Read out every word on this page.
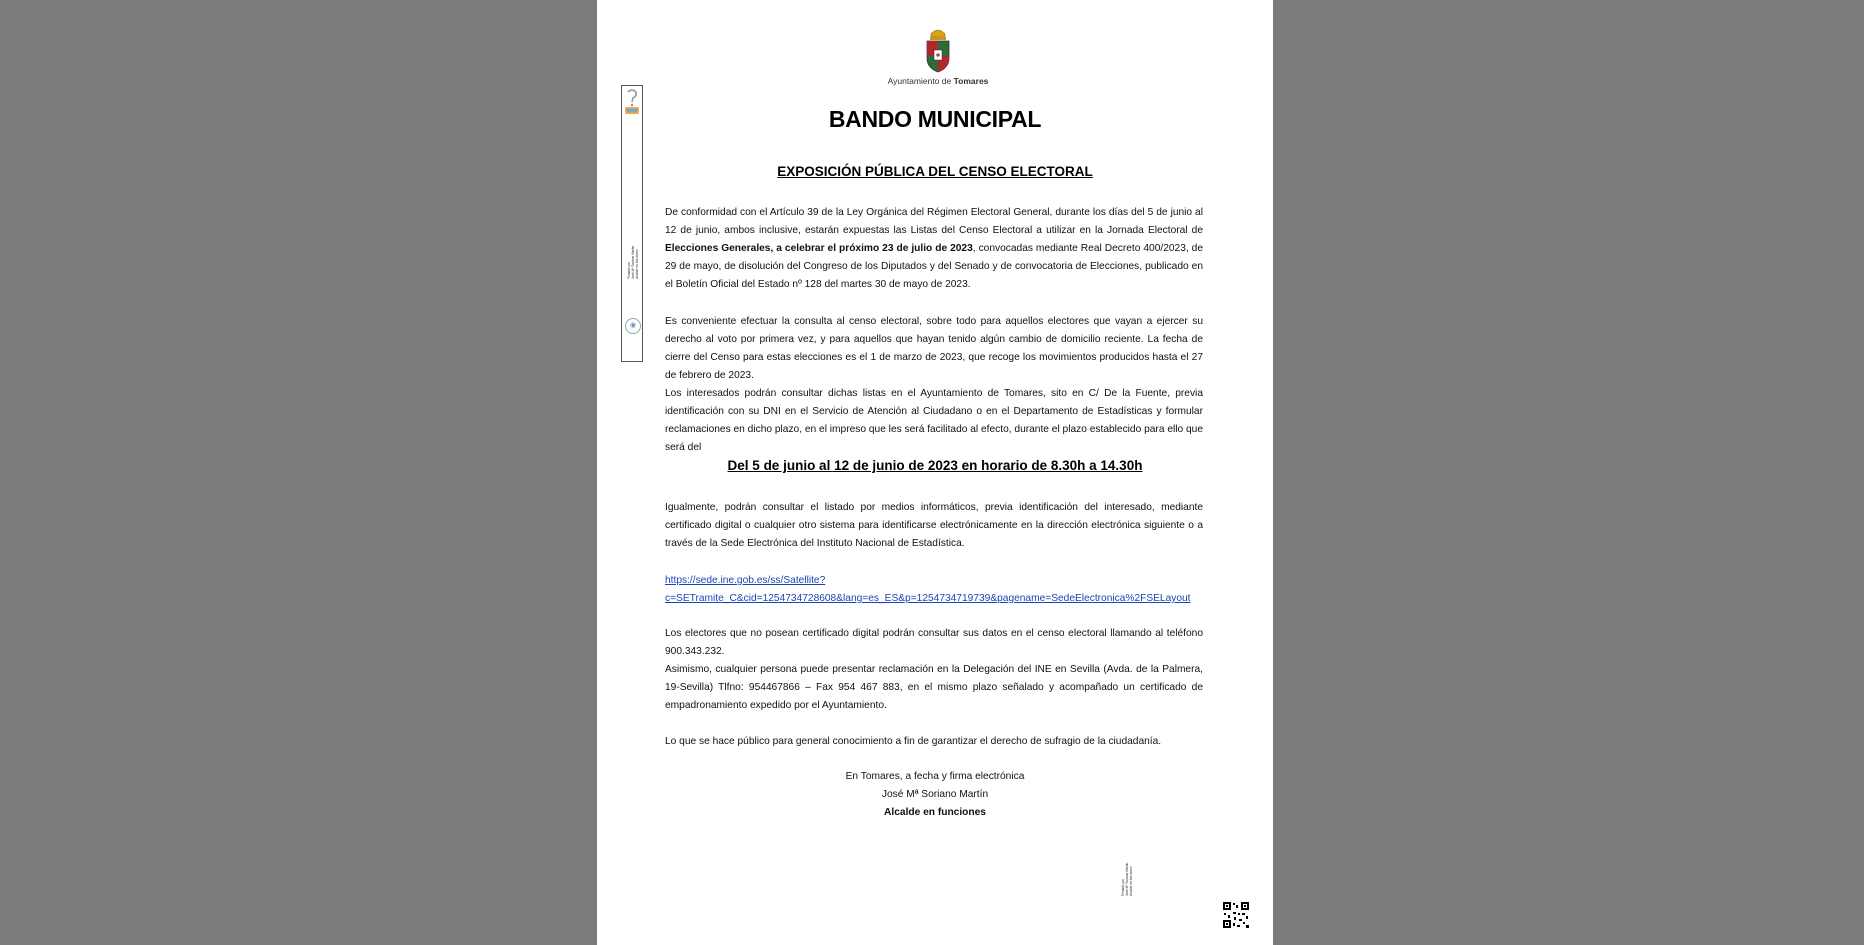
Ayuntamiento de Tomares
Firmado por José Mª Soriano Martín Alcalde en funciones
◉
BANDO MUNICIPAL
EXPOSICIÓN PÚBLICA DEL CENSO ELECTORAL
De conformidad con el Artículo 39 de la Ley Orgánica del Régimen Electoral General, durante los días del 5 de junio al 12 de junio, ambos inclusive, estarán expuestas las Listas del Censo Electoral a utilizar en la Jornada Electoral de Elecciones Generales, a celebrar el próximo 23 de julio de 2023, convocadas mediante Real Decreto 400/2023, de 29 de mayo, de disolución del Congreso de los Diputados y del Senado y de convocatoria de Elecciones, publicado en el Boletín Oficial del Estado nº 128 del martes 30 de mayo de 2023.
Es conveniente efectuar la consulta al censo electoral, sobre todo para aquellos electores que vayan a ejercer su derecho al voto por primera vez, y para aquellos que hayan tenido algún cambio de domicilio reciente. La fecha de cierre del Censo para estas elecciones es el 1 de marzo de 2023, que recoge los movimientos producidos hasta el 27 de febrero de 2023.
Los interesados podrán consultar dichas listas en el Ayuntamiento de Tomares, sito en C/ De la Fuente, previa identificación con su DNI en el Servicio de Atención al Ciudadano o en el Departamento de Estadísticas y formular reclamaciones en dicho plazo, en el impreso que les será facilitado al efecto, durante el plazo establecido para ello que será del
Del 5 de junio al 12 de junio de 2023 en horario de 8.30h a 14.30h
Igualmente, podrán consultar el listado por medios informáticos, previa identificación del interesado, mediante certificado digital o cualquier otro sistema para identificarse electrónicamente en la dirección electrónica siguiente o a través de la Sede Electrónica del Instituto Nacional de Estadística.
https://sede.ine.gob.es/ss/Satellite?
c=SETramite_C&cid=1254734728608&lang=es_ES&p=1254734719739&pagename=SedeElectronica%2FSELayout
Los electores que no posean certificado digital podrán consultar sus datos en el censo electoral llamando al teléfono 900.343.232.
Asimismo, cualquier persona puede presentar reclamación en la Delegación del INE en Sevilla (Avda. de la Palmera, 19-Sevilla) Tlfno: 954467866 – Fax 954 467 883, en el mismo plazo señalado y acompañado un certificado de empadronamiento expedido por el Ayuntamiento.
Lo que se hace público para general conocimiento a fin de garantizar el derecho de sufragio de la ciudadanía.
En Tomares, a fecha y firma electrónica
José Mª Soriano Martín
Alcalde en funciones
Firmado por José Mª Soriano Martín Alcalde en funciones
